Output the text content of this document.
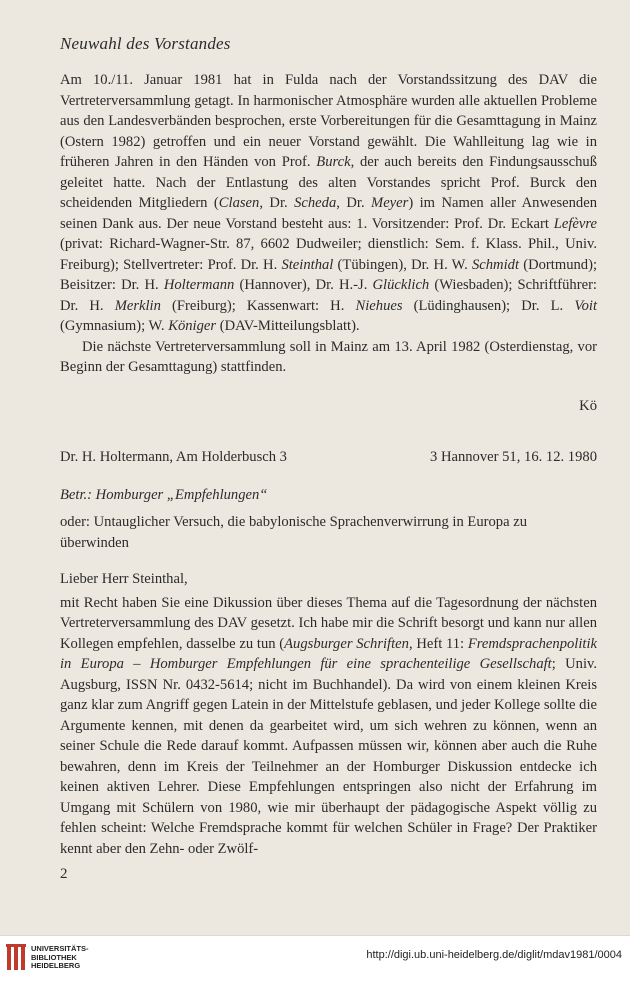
Neuwahl des Vorstandes

Am 10./11. Januar 1981 hat in Fulda nach der Vorstandssitzung des DAV die Vertreterversammlung getagt. In harmonischer Atmosphäre wurden alle aktuellen Probleme aus den Landesverbänden besprochen, erste Vorbereitungen für die Gesamttagung in Mainz (Ostern 1982) getroffen und ein neuer Vorstand gewählt. Die Wahlleitung lag wie in früheren Jahren in den Händen von Prof. Burck, der auch bereits den Findungsausschuß geleitet hatte. Nach der Entlastung des alten Vorstandes spricht Prof. Burck den scheidenden Mitgliedern (Clasen, Dr. Scheda, Dr. Meyer) im Namen aller Anwesenden seinen Dank aus. Der neue Vorstand besteht aus: 1. Vorsitzender: Prof. Dr. Eckart Lefèvre (privat: Richard-Wagner-Str. 87, 6602 Dudweiler; dienstlich: Sem. f. Klass. Phil., Univ. Freiburg); Stellvertreter: Prof. Dr. H. Steinthal (Tübingen), Dr. H. W. Schmidt (Dortmund); Beisitzer: Dr. H. Holtermann (Hannover), Dr. H.-J. Glücklich (Wiesbaden); Schriftführer: Dr. H. Merklin (Freiburg); Kassenwart: H. Niehues (Lüdinghausen); Dr. L. Voit (Gymnasium); W. Königer (DAV-Mitteilungsblatt).

Die nächste Vertreterversammlung soll in Mainz am 13. April 1982 (Osterdienstag, vor Beginn der Gesamttagung) stattfinden.

Kö
Dr. H. Holtermann, Am Holderbusch 3	3 Hannover 51, 16. 12. 1980
Betr.: Homburger „Empfehlungen“

oder: Untauglicher Versuch, die babylonische Sprachenverwirrung in Europa zu überwinden

Lieber Herr Steinthal,

mit Recht haben Sie eine Dikussion über dieses Thema auf die Tagesordnung der nächsten Vertreterversammlung des DAV gesetzt. Ich habe mir die Schrift besorgt und kann nur allen Kollegen empfehlen, dasselbe zu tun (Augsburger Schriften, Heft 11: Fremdsprachenpolitik in Europa – Homburger Empfehlungen für eine sprachenteilige Gesellschaft; Univ. Augsburg, ISSN Nr. 0432-5614; nicht im Buchhandel). Da wird von einem kleinen Kreis ganz klar zum Angriff gegen Latein in der Mittelstufe geblasen, und jeder Kollege sollte die Argumente kennen, mit denen da gearbeitet wird, um sich wehren zu können, wenn an seiner Schule die Rede darauf kommt. Aufpassen müssen wir, können aber auch die Ruhe bewahren, denn im Kreis der Teilnehmer an der Homburger Diskussion entdecke ich keinen aktiven Lehrer. Diese Empfehlungen entspringen also nicht der Erfahrung im Umgang mit Schülern von 1980, wie mir überhaupt der pädagogische Aspekt völlig zu fehlen scheint: Welche Fremdsprache kommt für welchen Schüler in Frage? Der Praktiker kennt aber den Zehn- oder Zwölf-

2
UNIVERSITÄTS-
BIBLIOTHEK
HEIDELBERG
http://digi.ub.uni-heidelberg.de/diglit/mdav1981/0004
